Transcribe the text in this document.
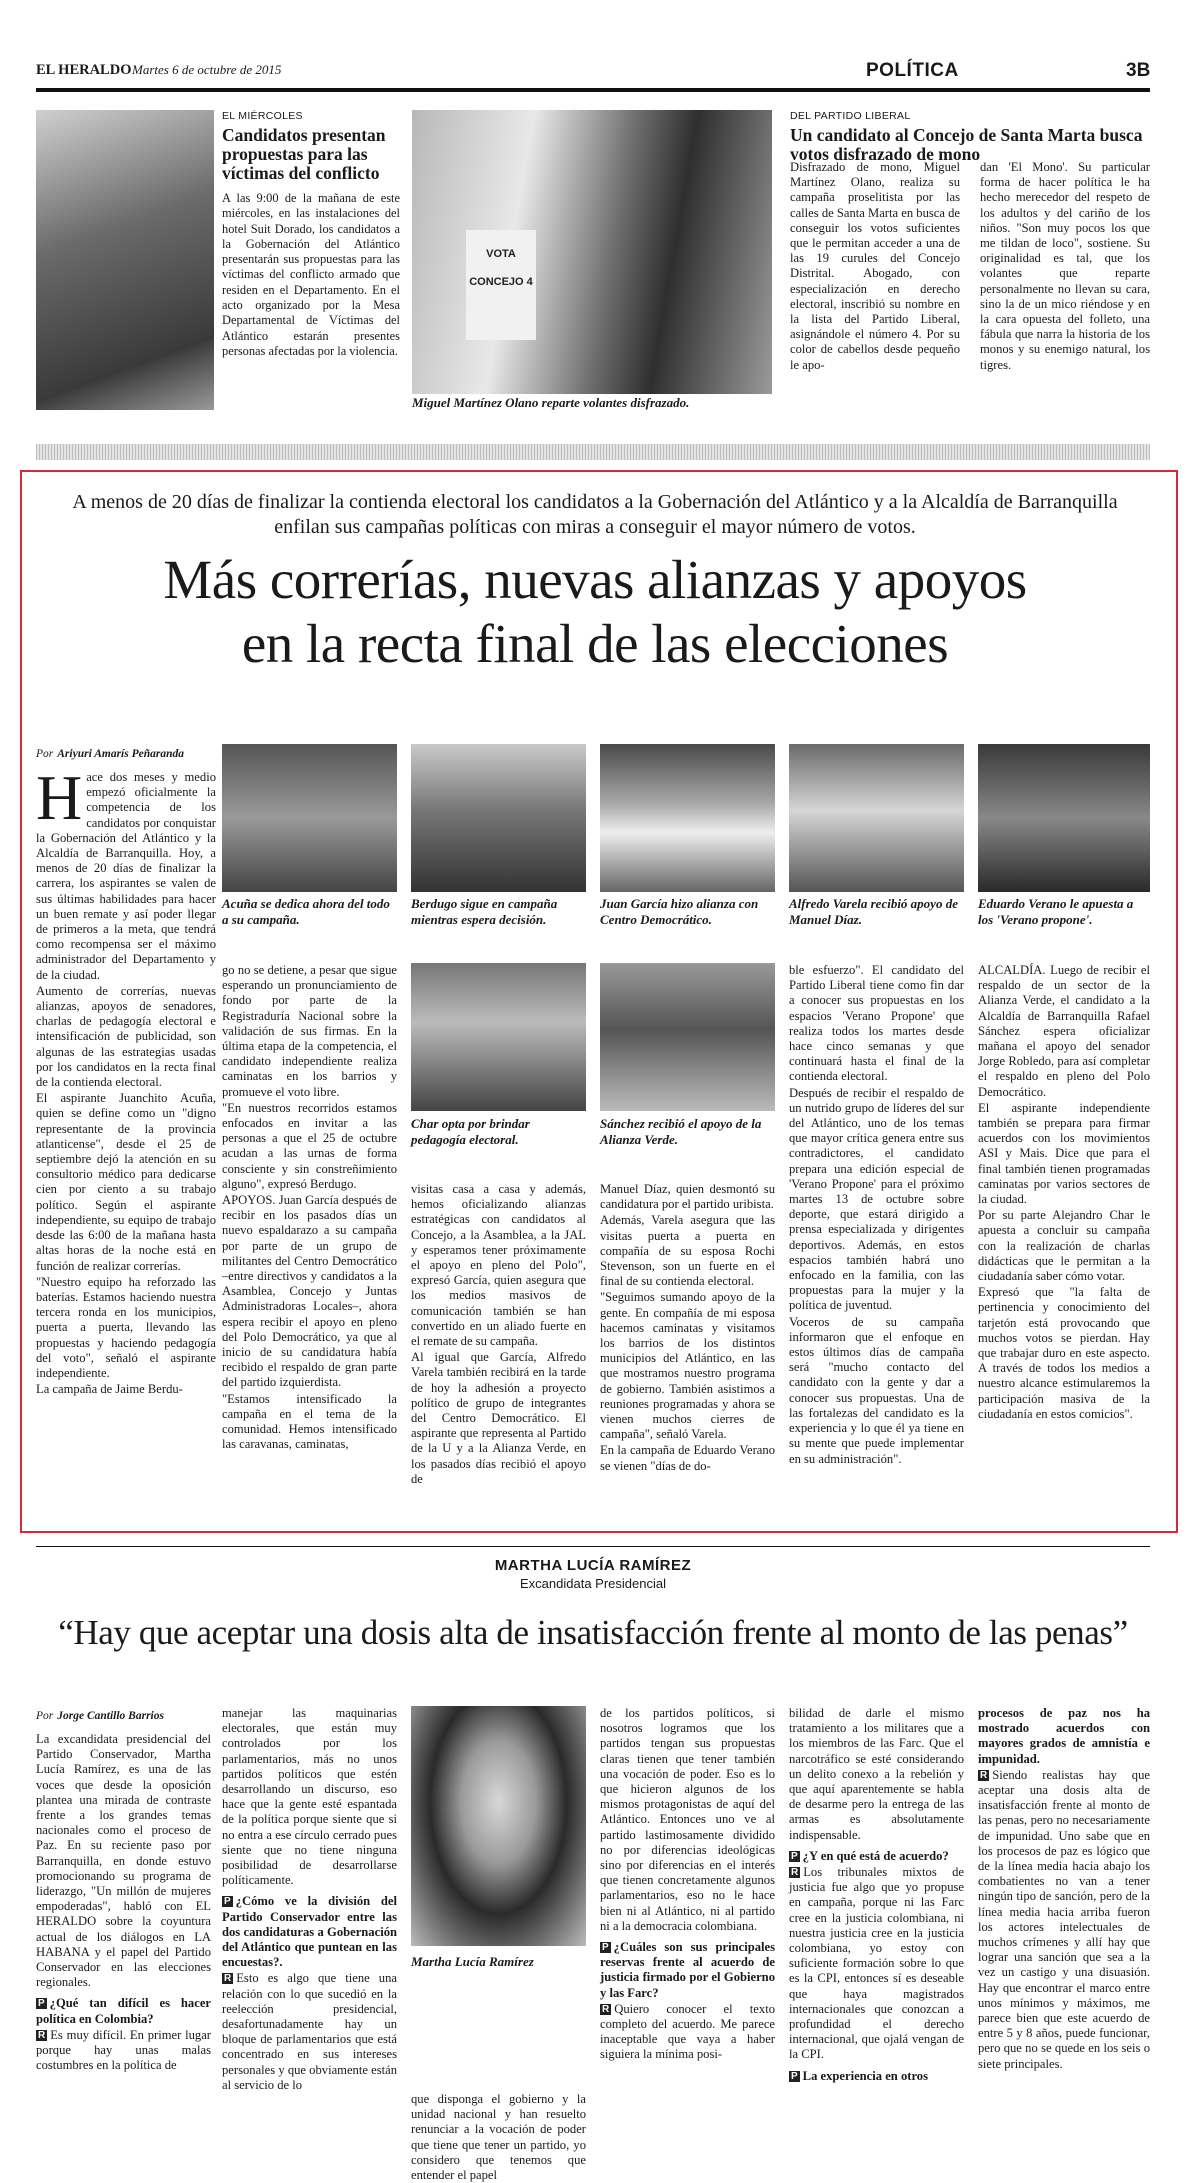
EL HERALDO Martes 6 de octubre de 2015	POLÍTICA	3B
EL MIÉRCOLES
Candidatos presentan propuestas para las víctimas del conflicto
A las 9:00 de la mañana de este miércoles, en las instalaciones del hotel Suit Dorado, los candidatos a la Gobernación del Atlántico presentarán sus propuestas para las víctimas del conflicto armado que residen en el Departamento. En el acto organizado por la Mesa Departamental de Víctimas del Atlántico estarán presentes personas afectadas por la violencia.
VOTA CONCEJO 4
Miguel Martínez Olano reparte volantes disfrazado.
DEL PARTIDO LIBERAL
Un candidato al Concejo de Santa Marta busca votos disfrazado de mono
Disfrazado de mono, Miguel Martínez Olano, realiza su campaña proselitista por las calles de Santa Marta en busca de conseguir los votos suficientes que le permitan acceder a una de las 19 curules del Concejo Distrital. Abogado, con especialización en derecho electoral, inscribió su nombre en la lista del Partido Liberal, asignándole el número 4. Por su color de cabellos desde pequeño le apo-
dan 'El Mono'. Su particular forma de hacer política le ha hecho merecedor del respeto de los adultos y del cariño de los niños. "Son muy pocos los que me tildan de loco", sostiene. Su originalidad es tal, que los volantes que reparte personalmente no llevan su cara, sino la de un mico riéndose y en la cara opuesta del folleto, una fábula que narra la historia de los monos y su enemigo natural, los tigres.
A menos de 20 días de finalizar la contienda electoral los candidatos a la Gobernación del Atlántico y a la Alcaldía de Barranquilla enfilan sus campañas políticas con miras a conseguir el mayor número de votos.
Más correrías, nuevas alianzas y apoyos
en la recta final de las elecciones
Por Ariyuri Amarís Peñaranda
H ace dos meses y medio empezó oficialmente la competencia de los candidatos por conquistar la Gobernación del Atlántico y la Alcaldía de Barranquilla. Hoy, a menos de 20 días de finalizar la carrera, los aspirantes se valen de sus últimas habilidades para hacer un buen remate y así poder llegar de primeros a la meta, que tendrá como recompensa ser el máximo administrador del Departamento y de la ciudad.

Aumento de correrías, nuevas alianzas, apoyos de senadores, charlas de pedagogía electoral e intensificación de publicidad, son algunas de las estrategias usadas por los candidatos en la recta final de la contienda electoral.

El aspirante Juanchito Acuña, quien se define como un "digno representante de la provincia atlanticense", desde el 25 de septiembre dejó la atención en su consultorio médico para dedicarse cien por ciento a su trabajo político. Según el aspirante independiente, su equipo de trabajo desde las 6:00 de la mañana hasta altas horas de la noche está en función de realizar correrías.

"Nuestro equipo ha reforzado las baterías. Estamos haciendo nuestra tercera ronda en los municipios, puerta a puerta, llevando las propuestas y haciendo pedagogía del voto", señaló el aspirante independiente.

La campaña de Jaime Berdu-

Acuña se dedica ahora del todo a su campaña.
Berdugo sigue en campaña mientras espera decisión.
Juan García hizo alianza con Centro Democrático.
Alfredo Varela recibió apoyo de Manuel Díaz.
Eduardo Verano le apuesta a los 'Verano propone'.

go no se detiene, a pesar que sigue esperando un pronunciamiento de fondo por parte de la Registraduría Nacional sobre la validación de sus firmas. En la última etapa de la competencia, el candidato independiente realiza caminatas en los barrios y promueve el voto libre.

"En nuestros recorridos estamos enfocados en invitar a las personas a que el 25 de octubre acudan a las urnas de forma consciente y sin constreñimiento alguno", expresó Berdugo.

APOYOS. Juan García después de recibir en los pasados días un nuevo espaldarazo a su campaña por parte de un grupo de militantes del Centro Democrático –entre directivos y candidatos a la Asamblea, Concejo y Juntas Administradoras Locales–, ahora espera recibir el apoyo en pleno del Polo Democrático, ya que al inicio de su candidatura había recibido el respaldo de gran parte del partido izquierdista.

"Estamos intensificado la campaña en el tema de la comunidad. Hemos intensificado las caravanas, caminatas,

Char opta por brindar pedagogía electoral.
Sánchez recibió el apoyo de la Alianza Verde.

visitas casa a casa y además, hemos oficializando alianzas estratégicas con candidatos al Concejo, a la Asamblea, a la JAL y esperamos tener próximamente el apoyo en pleno del Polo", expresó García, quien asegura que los medios masivos de comunicación también se han convertido en un aliado fuerte en el remate de su campaña.

Al igual que García, Alfredo Varela también recibirá en la tarde de hoy la adhesión a proyecto político de grupo de integrantes del Centro Democrático. El aspirante que representa al Partido de la U y a la Alianza Verde, en los pasados días recibió el apoyo de

Manuel Díaz, quien desmontó su candidatura por el partido uribista.

Además, Varela asegura que las visitas puerta a puerta en compañía de su esposa Rochi Stevenson, son un fuerte en el final de su contienda electoral.

"Seguimos sumando apoyo de la gente. En compañía de mi esposa hacemos caminatas y visitamos los barrios de los distintos municipios del Atlántico, en las que mostramos nuestro programa de gobierno. También asistimos a reuniones programadas y ahora se vienen muchos cierres de campaña", señaló Varela.

En la campaña de Eduardo Verano se vienen "días de do-

ble esfuerzo". El candidato del Partido Liberal tiene como fin dar a conocer sus propuestas en los espacios 'Verano Propone' que realiza todos los martes desde hace cinco semanas y que continuará hasta el final de la contienda electoral.

Después de recibir el respaldo de un nutrido grupo de líderes del sur del Atlántico, uno de los temas que mayor crítica genera entre sus contradictores, el candidato prepara una edición especial de 'Verano Propone' para el próximo martes 13 de octubre sobre deporte, que estará dirigido a prensa especializada y dirigentes deportivos. Además, en estos espacios también habrá uno enfocado en la familia, con las propuestas para la mujer y la política de juventud.

Voceros de su campaña informaron que el enfoque en estos últimos días de campaña será "mucho contacto del candidato con la gente y dar a conocer sus propuestas. Una de las fortalezas del candidato es la experiencia y lo que él ya tiene en su mente que puede implementar en su administración".

ALCALDÍA. Luego de recibir el respaldo de un sector de la Alianza Verde, el candidato a la Alcaldía de Barranquilla Rafael Sánchez espera oficializar mañana el apoyo del senador Jorge Robledo, para así completar el respaldo en pleno del Polo Democrático.

El aspirante independiente también se prepara para firmar acuerdos con los movimientos ASI y Mais. Dice que para el final también tienen programadas caminatas por varios sectores de la ciudad.

Por su parte Alejandro Char le apuesta a concluir su campaña con la realización de charlas didácticas que le permitan a la ciudadanía saber cómo votar.

Expresó que "la falta de pertinencia y conocimiento del tarjetón está provocando que muchos votos se pierdan. Hay que trabajar duro en este aspecto. A través de todos los medios a nuestro alcance estimularemos la participación masiva de la ciudadanía en estos comicios".

MARTHA LUCÍA RAMÍREZ
Excandidata Presidencial
“Hay que aceptar una dosis alta de insatisfacción frente al monto de las penas”
Por Jorge Cantillo Barrios

La excandidata presidencial del Partido Conservador, Martha Lucía Ramírez, es una de las voces que desde la oposición plantea una mirada de contraste frente a los grandes temas nacionales como el proceso de Paz. En su reciente paso por Barranquilla, en donde estuvo promocionando su programa de liderazgo, "Un millón de mujeres empoderadas", habló con EL HERALDO sobre la coyuntura actual de los diálogos en LA HABANA y el papel del Partido Conservador en las elecciones regionales.

P ¿Qué tan difícil es hacer política en Colombia?

R Es muy difícil. En primer lugar porque hay unas malas costumbres en la política de

manejar las maquinarias electorales, que están muy controlados por los parlamentarios, más no unos partidos políticos que estén desarrollando un discurso, eso hace que la gente esté espantada de la política porque siente que si no entra a ese círculo cerrado pues siente que no tiene ninguna posibilidad de desarrollarse políticamente.

P ¿Cómo ve la división del Partido Conservador entre las dos candidaturas a Gobernación del Atlántico que puntean en las encuestas?.

R Esto es algo que tiene una relación con lo que sucedió en la reelección presidencial, desafortunadamente hay un bloque de parlamentarios que está concentrado en sus intereses personales y que obviamente están al servicio de lo

Martha Lucía Ramírez
que disponga el gobierno y la unidad nacional y han resuelto renunciar a la vocación de poder que tiene que tener un partido, yo considero que tenemos que entender el papel

de los partidos políticos, si nosotros logramos que los partidos tengan sus propuestas claras tienen que tener también una vocación de poder. Eso es lo que hicieron algunos de los mismos protagonistas de aquí del Atlántico. Entonces uno ve al partido lastimosamente dividido no por diferencias ideológicas sino por diferencias en el interés que tienen concretamente algunos parlamentarios, eso no le hace bien ni al Atlántico, ni al partido ni a la democracia colombiana.

P ¿Cuáles son sus principales reservas frente al acuerdo de justicia firmado por el Gobierno y las Farc?

R Quiero conocer el texto completo del acuerdo. Me parece inaceptable que vaya a haber siguiera la mínima posi-

bilidad de darle el mismo tratamiento a los militares que a los miembros de las Farc. Que el narcotráfico se esté considerando un delito conexo a la rebelión y que aquí aparentemente se habla de desarme pero la entrega de las armas es absolutamente indispensable.

P ¿Y en qué está de acuerdo?

R Los tribunales mixtos de justicia fue algo que yo propuse en campaña, porque ni las Farc cree en la justicia colombiana, ni nuestra justicia cree en la justicia colombiana, yo estoy con suficiente formación sobre lo que es la CPI, entonces sí es deseable que haya magistrados internacionales que conozcan a profundidad el derecho internacional, que ojalá vengan de la CPI.

P La experiencia en otros

procesos de paz nos ha mostrado acuerdos con mayores grados de amnistía e impunidad.

R Siendo realistas hay que aceptar una dosis alta de insatisfacción frente al monto de las penas, pero no necesariamente de impunidad. Uno sabe que en los procesos de paz es lógico que de la línea media hacia abajo los combatientes no van a tener ningún tipo de sanción, pero de la línea media hacia arriba fueron los actores intelectuales de muchos crímenes y allí hay que lograr una sanción que sea a la vez un castigo y una disuasión. Hay que encontrar el marco entre unos mínimos y máximos, me parece bien que este acuerdo de entre 5 y 8 años, puede funcionar, pero que no se quede en los seis o siete principales.
